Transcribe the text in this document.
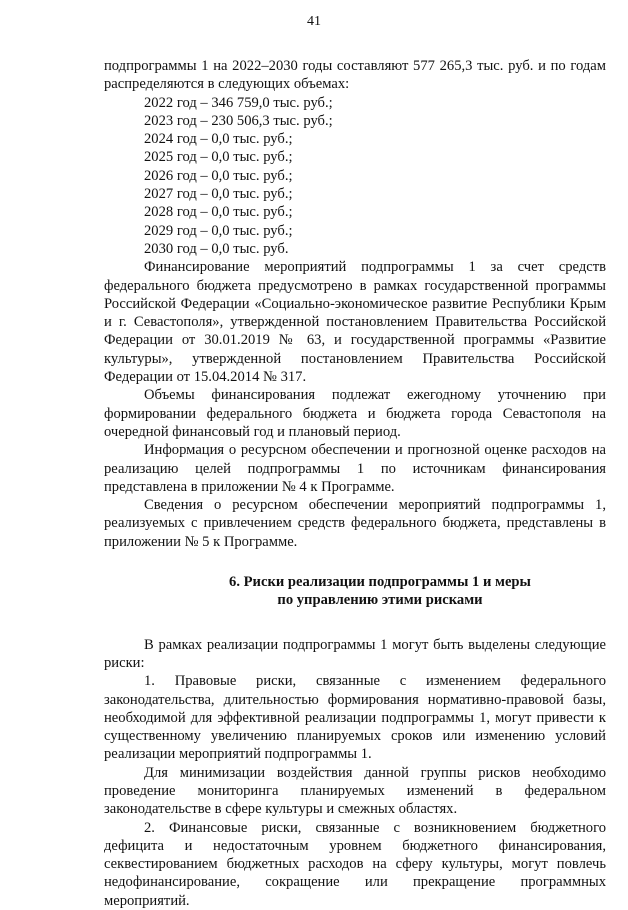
41

подпрограммы 1 на 2022–2030 годы составляют 577 265,3 тыс. руб. и по годам распределяются в следующих объемах:

2022 год – 346 759,0 тыс. руб.;

2023 год – 230 506,3 тыс. руб.;

2024 год – 0,0 тыс. руб.;

2025 год – 0,0 тыс. руб.;

2026 год – 0,0 тыс. руб.;

2027 год – 0,0 тыс. руб.;

2028 год – 0,0 тыс. руб.;

2029 год – 0,0 тыс. руб.;

2030 год – 0,0 тыс. руб.

Финансирование мероприятий подпрограммы 1 за счет средств федерального бюджета предусмотрено в рамках государственной программы Российской Федерации «Социально-экономическое развитие Республики Крым и г. Севастополя», утвержденной постановлением Правительства Российской Федерации от 30.01.2019 № 63, и государственной программы «Развитие культуры», утвержденной постановлением Правительства Российской Федерации от 15.04.2014 № 317.

Объемы финансирования подлежат ежегодному уточнению при формировании федерального бюджета и бюджета города Севастополя на очередной финансовый год и плановый период.

Информация о ресурсном обеспечении и прогнозной оценке расходов на реализацию целей подпрограммы 1 по источникам финансирования представлена в приложении № 4 к Программе.

Сведения о ресурсном обеспечении мероприятий подпрограммы 1, реализуемых с привлечением средств федерального бюджета, представлены в приложении № 5 к Программе.

6. Риски реализации подпрограммы 1 и меры

по управлению этими рисками

В рамках реализации подпрограммы 1 могут быть выделены следующие риски:

1. Правовые риски, связанные с изменением федерального законодательства, длительностью формирования нормативно-правовой базы, необходимой для эффективной реализации подпрограммы 1, могут привести к существенному увеличению планируемых сроков или изменению условий реализации мероприятий подпрограммы 1.

Для минимизации воздействия данной группы рисков необходимо проведение мониторинга планируемых изменений в федеральном законодательстве в сфере культуры и смежных областях.

2. Финансовые риски, связанные с возникновением бюджетного дефицита и недостаточным уровнем бюджетного финансирования, секвестированием бюджетных расходов на сферу культуры, могут повлечь недофинансирование, сокращение или прекращение программных мероприятий.
